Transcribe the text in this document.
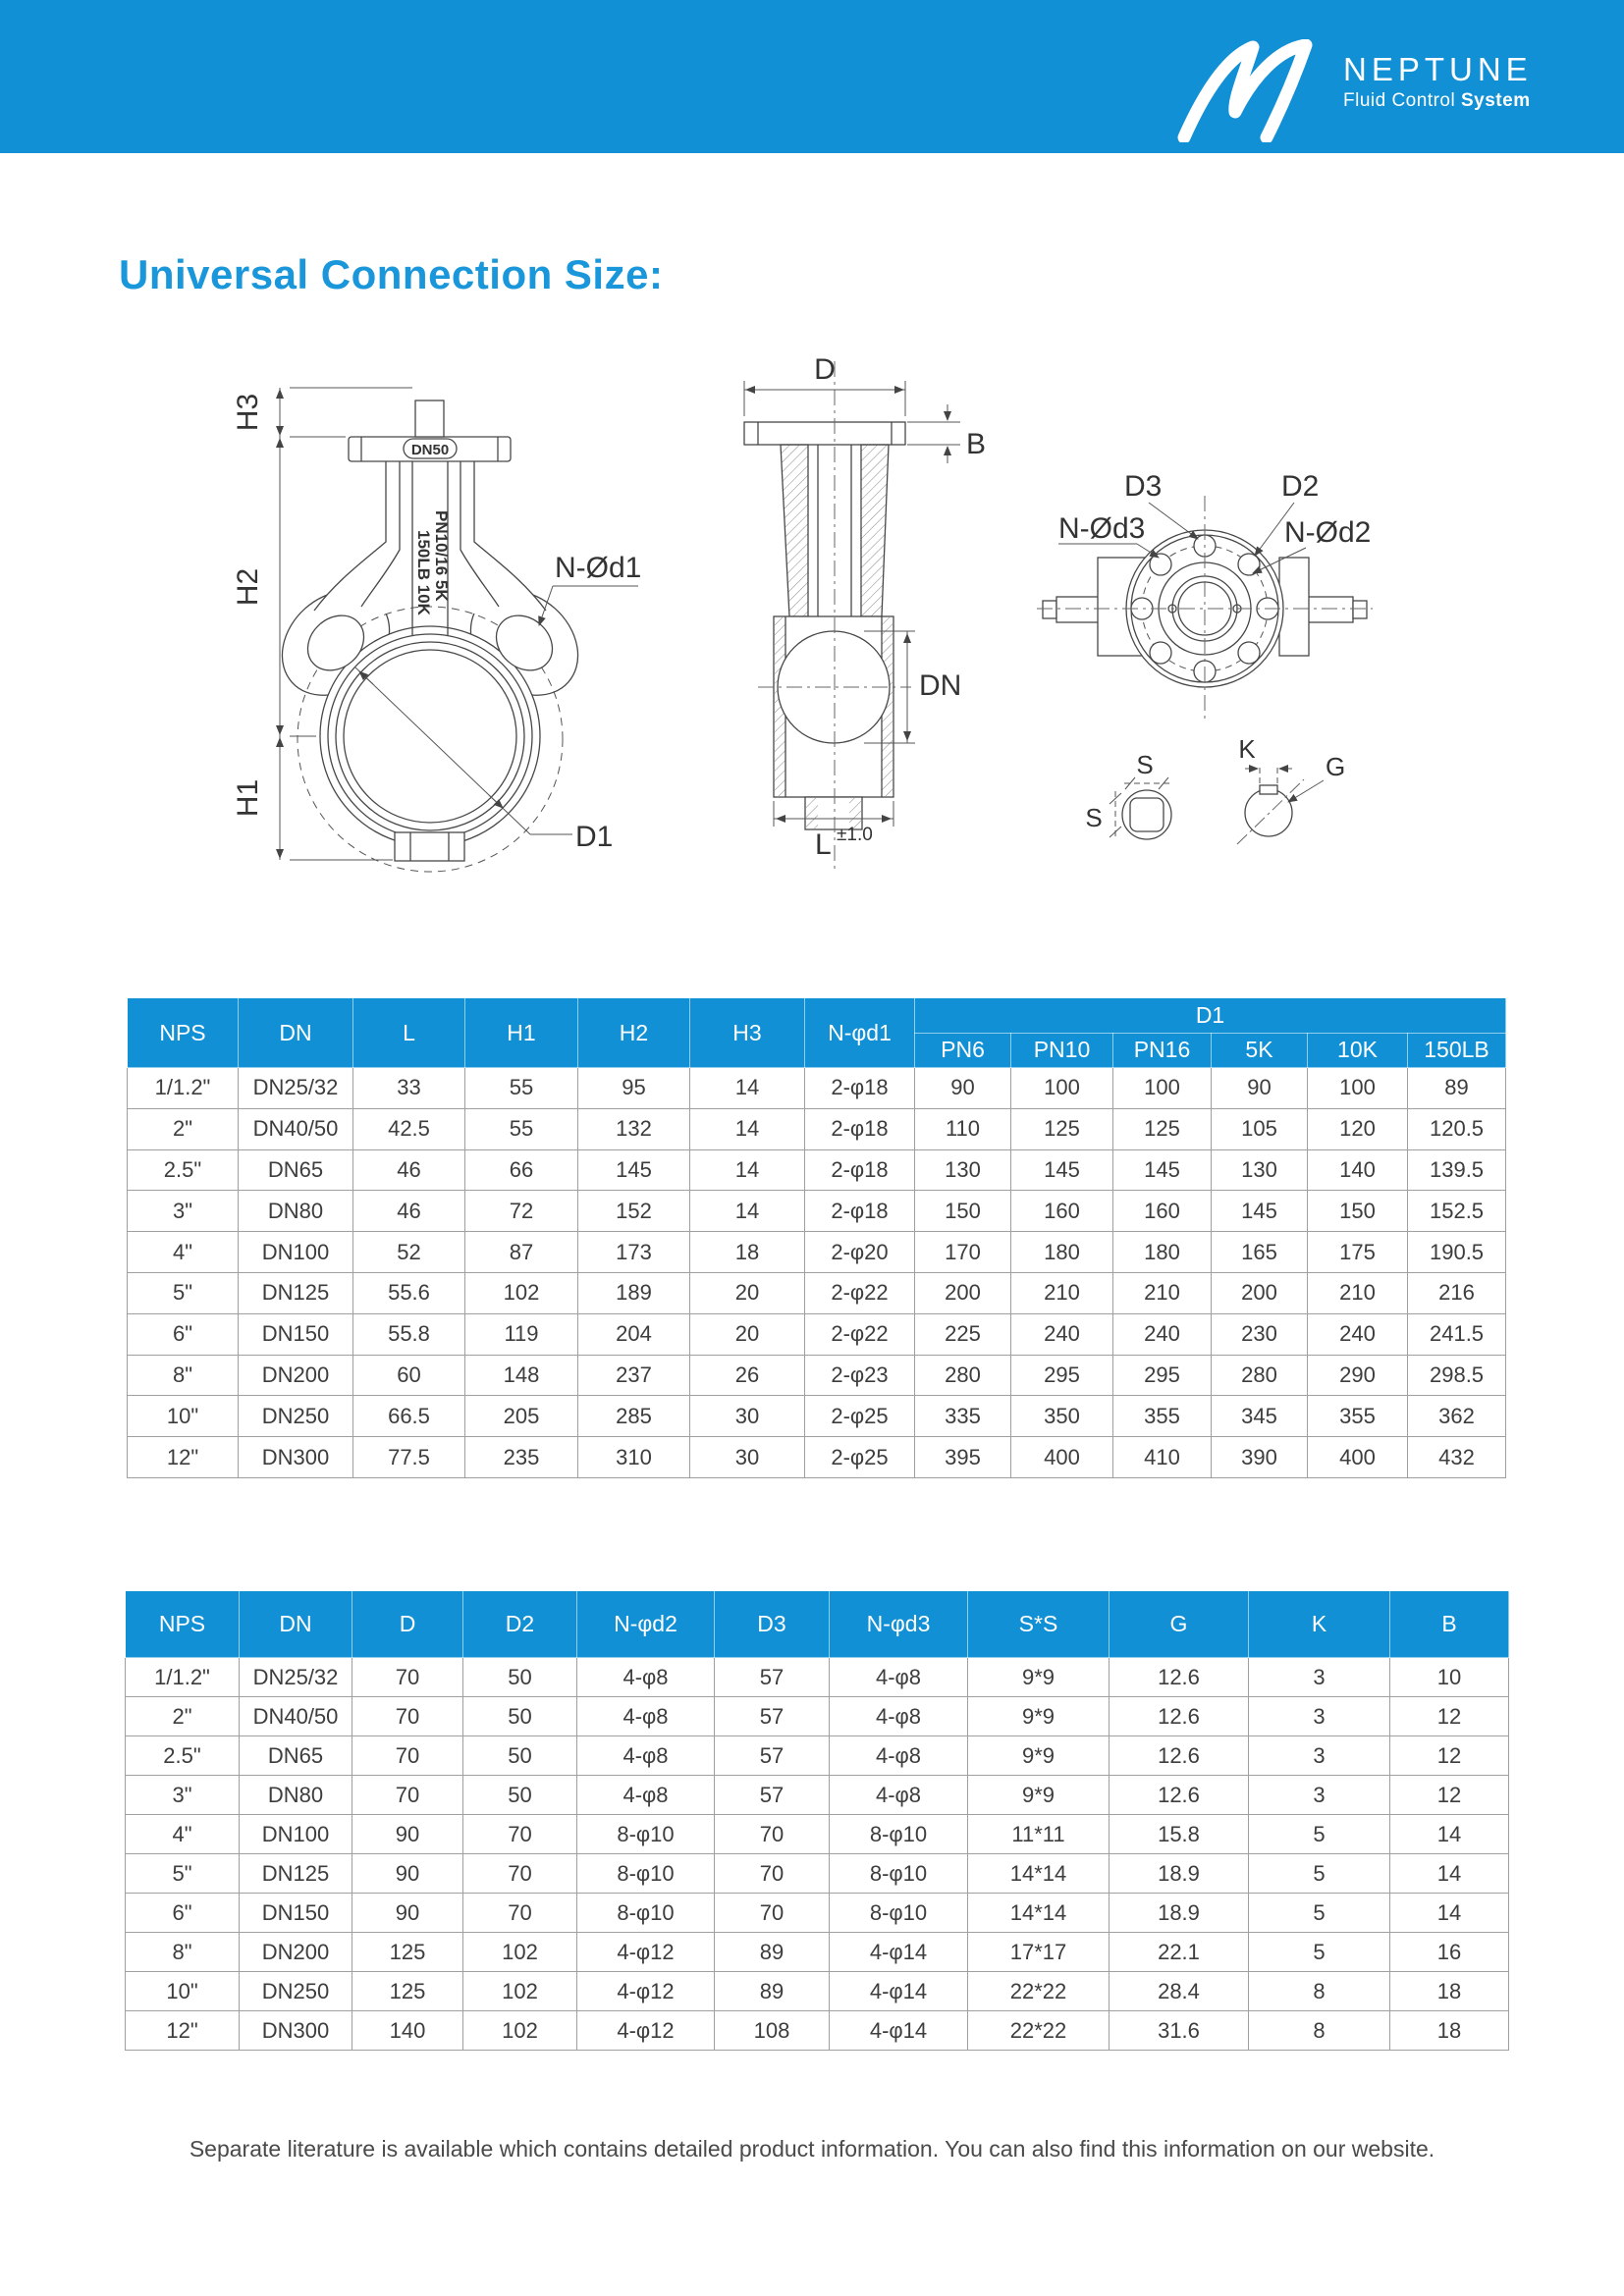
NEPTUNE
Fluid Control System
Universal Connection Size:
DN50
PN10/16 5K
150LB 10K
H3
H2
H1
N-Ød1
D1
D
B
DN
L ±1.0
D3	D2
N-Ød3	N-Ød2
S
S
K
G
NPS	DN	L	H1	H2	H3	N-φd1	D1					
							PN6	PN10	PN16	5K	10K	150LB
1/1.2"	DN25/32	33	55	95	14	2-φ18	90	100	100	90	100	89
2"	DN40/50	42.5	55	132	14	2-φ18	110	125	125	105	120	120.5
2.5"	DN65	46	66	145	14	2-φ18	130	145	145	130	140	139.5
3"	DN80	46	72	152	14	2-φ18	150	160	160	145	150	152.5
4"	DN100	52	87	173	18	2-φ20	170	180	180	165	175	190.5
5"	DN125	55.6	102	189	20	2-φ22	200	210	210	200	210	216
6"	DN150	55.8	119	204	20	2-φ22	225	240	240	230	240	241.5
8"	DN200	60	148	237	26	2-φ23	280	295	295	280	290	298.5
10"	DN250	66.5	205	285	30	2-φ25	335	350	355	345	355	362
12"	DN300	77.5	235	310	30	2-φ25	395	400	410	390	400	432
NPS	DN	D	D2	N-φd2	D3	N-φd3	S*S	G	K	B
1/1.2"	DN25/32	70	50	4-φ8	57	4-φ8	9*9	12.6	3	10
2"	DN40/50	70	50	4-φ8	57	4-φ8	9*9	12.6	3	12
2.5"	DN65	70	50	4-φ8	57	4-φ8	9*9	12.6	3	12
3"	DN80	70	50	4-φ8	57	4-φ8	9*9	12.6	3	12
4"	DN100	90	70	8-φ10	70	8-φ10	11*11	15.8	5	14
5"	DN125	90	70	8-φ10	70	8-φ10	14*14	18.9	5	14
6"	DN150	90	70	8-φ10	70	8-φ10	14*14	18.9	5	14
8"	DN200	125	102	4-φ12	89	4-φ14	17*17	22.1	5	16
10"	DN250	125	102	4-φ12	89	4-φ14	22*22	28.4	8	18
12"	DN300	140	102	4-φ12	108	4-φ14	22*22	31.6	8	18
Separate literature is available which contains detailed product information. You can also find this information on our website.
